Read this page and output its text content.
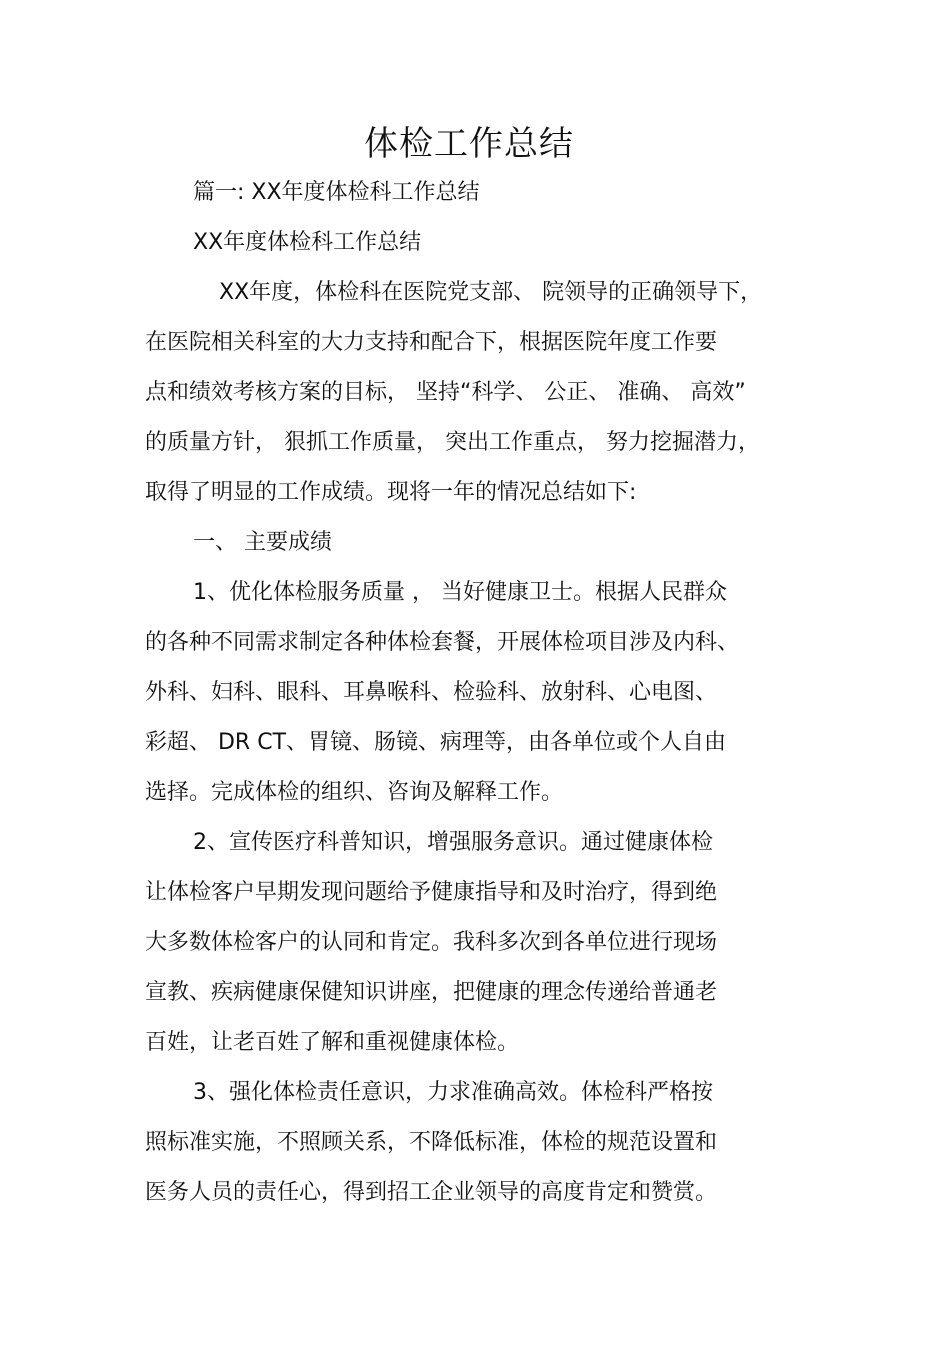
体检工作总结
篇一: XX年度体检科工作总结
XX年度体检科工作总结
XX年度，体检科在医院党支部、 院领导的正确领导下，
在医院相关科室的大力支持和配合下，根据医院年度工作要
点和绩效考核方案的目标， 坚持“科学、 公正、 准确、 高效”
的质量方针， 狠抓工作质量， 突出工作重点， 努力挖掘潜力，
取得了明显的工作成绩。现将一年的情况总结如下:
一、 主要成绩
1、优化体检服务质量 ， 当好健康卫士。根据人民群众
的各种不同需求制定各种体检套餐，开展体检项目涉及内科、
外科、妇科、眼科、耳鼻喉科、检验科、放射科、心电图、
彩超、 DR CT、胃镜、肠镜、病理等，由各单位或个人自由
选择。完成体检的组织、咨询及解释工作。
2、宣传医疗科普知识，增强服务意识。通过健康体检
让体检客户早期发现问题给予健康指导和及时治疗，得到绝
大多数体检客户的认同和肯定。我科多次到各单位进行现场
宣教、疾病健康保健知识讲座，把健康的理念传递给普通老
百姓，让老百姓了解和重视健康体检。
3、强化体检责任意识，力求准确高效。体检科严格按
照标准实施，不照顾关系，不降低标准，体检的规范设置和
医务人员的责任心，得到招工企业领导的高度肯定和赞赏。
